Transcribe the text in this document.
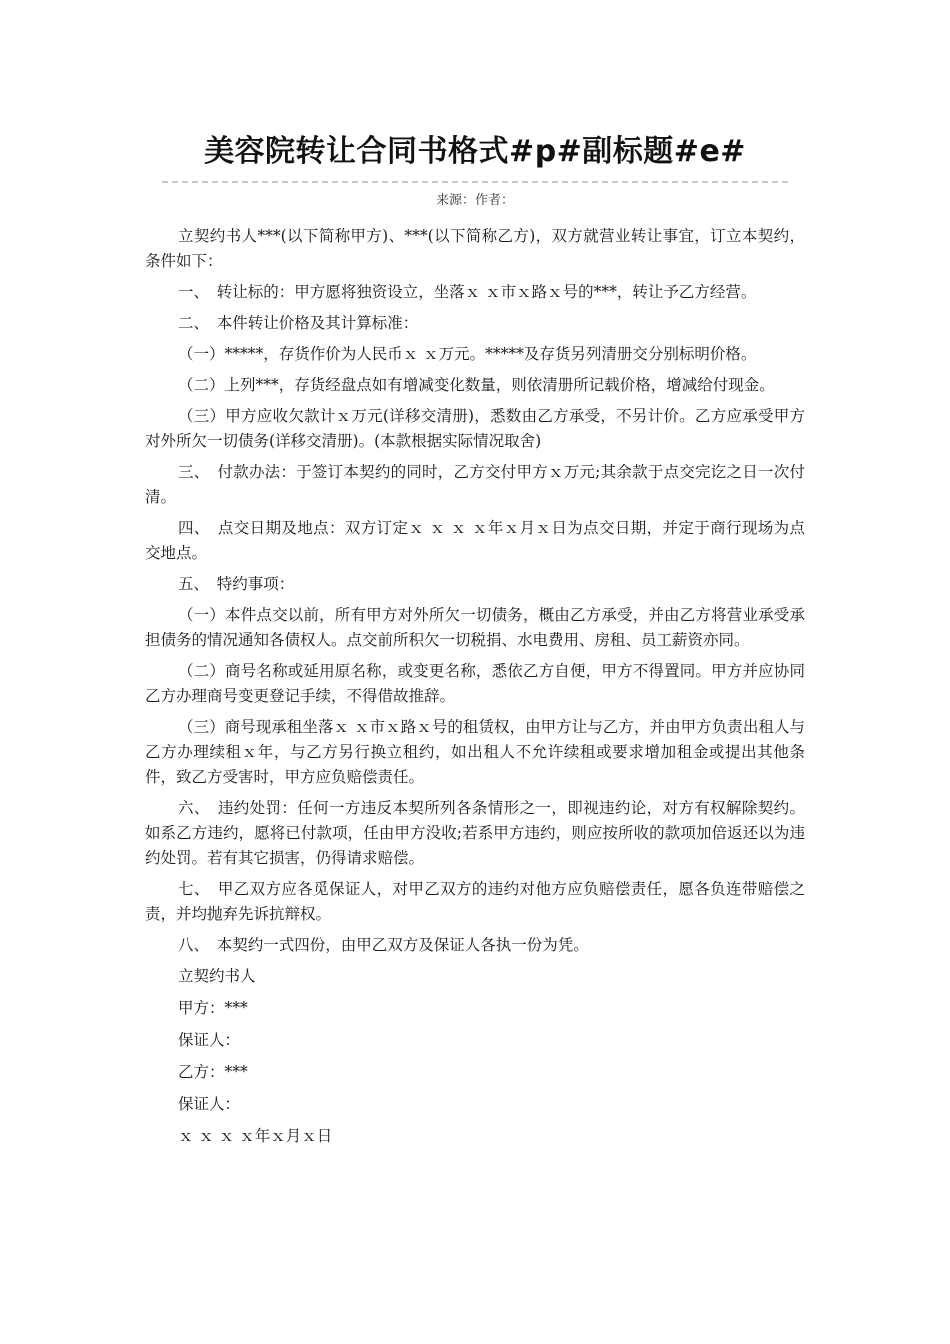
美容院转让合同书格式#p#副标题#e#
来源：作者：

立契约书人***(以下简称甲方)、***(以下简称乙方)，双方就营业转让事宜，订立本契约，条件如下：

一、　转让标的：甲方愿将独资设立，坐落ｘ ｘ市ｘ路ｘ号的***，转让予乙方经营。

二、　本件转让价格及其计算标准：

（一）*****，存货作价为人民币ｘ ｘ万元。*****及存货另列清册交分别标明价格。

（二）上列***，存货经盘点如有增减变化数量，则依清册所记载价格，增减给付现金。

（三）甲方应收欠款计ｘ万元(详移交清册)，悉数由乙方承受，不另计价。乙方应承受甲方对外所欠一切债务(详移交清册)。(本款根据实际情况取舍)

三、　付款办法：于签订本契约的同时，乙方交付甲方ｘ万元;其余款于点交完讫之日一次付清。

四、　点交日期及地点：双方订定ｘ ｘ ｘ ｘ年ｘ月ｘ日为点交日期，并定于商行现场为点交地点。

五、　特约事项：

（一）本件点交以前，所有甲方对外所欠一切债务，概由乙方承受，并由乙方将营业承受承担债务的情况通知各债权人。点交前所积欠一切税捐、水电费用、房租、员工薪资亦同。

（二）商号名称或延用原名称，或变更名称，悉依乙方自便，甲方不得置同。甲方并应协同乙方办理商号变更登记手续，不得借故推辞。

（三）商号现承租坐落ｘ ｘ市ｘ路ｘ号的租赁权，由甲方让与乙方，并由甲方负责出租人与乙方办理续租ｘ年，与乙方另行换立租约，如出租人不允许续租或要求增加租金或提出其他条件，致乙方受害时，甲方应负赔偿责任。

六、　违约处罚：任何一方违反本契所列各条情形之一，即视违约论，对方有权解除契约。如系乙方违约，愿将已付款项，任由甲方没收;若系甲方违约，则应按所收的款项加倍返还以为违约处罚。若有其它损害，仍得请求赔偿。

七、　甲乙双方应各觅保证人，对甲乙双方的违约对他方应负赔偿责任，愿各负连带赔偿之责，并均抛弃先诉抗辩权。

八、　本契约一式四份，由甲乙双方及保证人各执一份为凭。

立契约书人

甲方：***

保证人：

乙方：***

保证人：

ｘ ｘ ｘ ｘ年ｘ月ｘ日
